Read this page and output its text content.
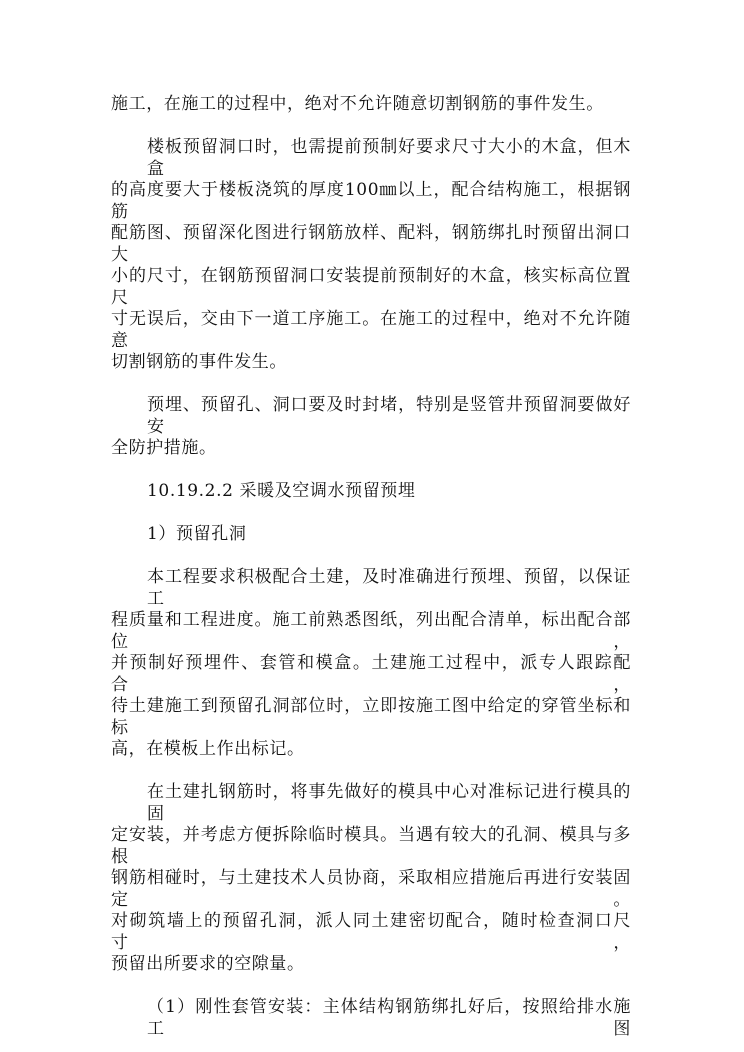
施工，在施工的过程中，绝对不允许随意切割钢筋的事件发生。
楼板预留洞口时，也需提前预制好要求尺寸大小的木盒，但木盒
的高度要大于楼板浇筑的厚度100㎜以上，配合结构施工，根据钢筋
配筋图、预留深化图进行钢筋放样、配料，钢筋绑扎时预留出洞口大
小的尺寸，在钢筋预留洞口安装提前预制好的木盒，核实标高位置尺
寸无误后，交由下一道工序施工。在施工的过程中，绝对不允许随意
切割钢筋的事件发生。
预埋、预留孔、洞口要及时封堵，特别是竖管井预留洞要做好安
全防护措施。
10.19.2.2 采暖及空调水预留预埋
1）预留孔洞
本工程要求积极配合土建，及时准确进行预埋、预留，以保证工
程质量和工程进度。施工前熟悉图纸，列出配合清单，标出配合部位，
并预制好预埋件、套管和模盒。土建施工过程中，派专人跟踪配合，
待土建施工到预留孔洞部位时，立即按施工图中给定的穿管坐标和标
高，在模板上作出标记。
在土建扎钢筋时，将事先做好的模具中心对准标记进行模具的固
定安装，并考虑方便拆除临时模具。当遇有较大的孔洞、模具与多根
钢筋相碰时，与土建技术人员协商，采取相应措施后再进行安装固定。
对砌筑墙上的预留孔洞，派人同土建密切配合，随时检查洞口尺寸，
预留出所要求的空隙量。
（1）刚性套管安装：主体结构钢筋绑扎好后，按照给排水施工图
